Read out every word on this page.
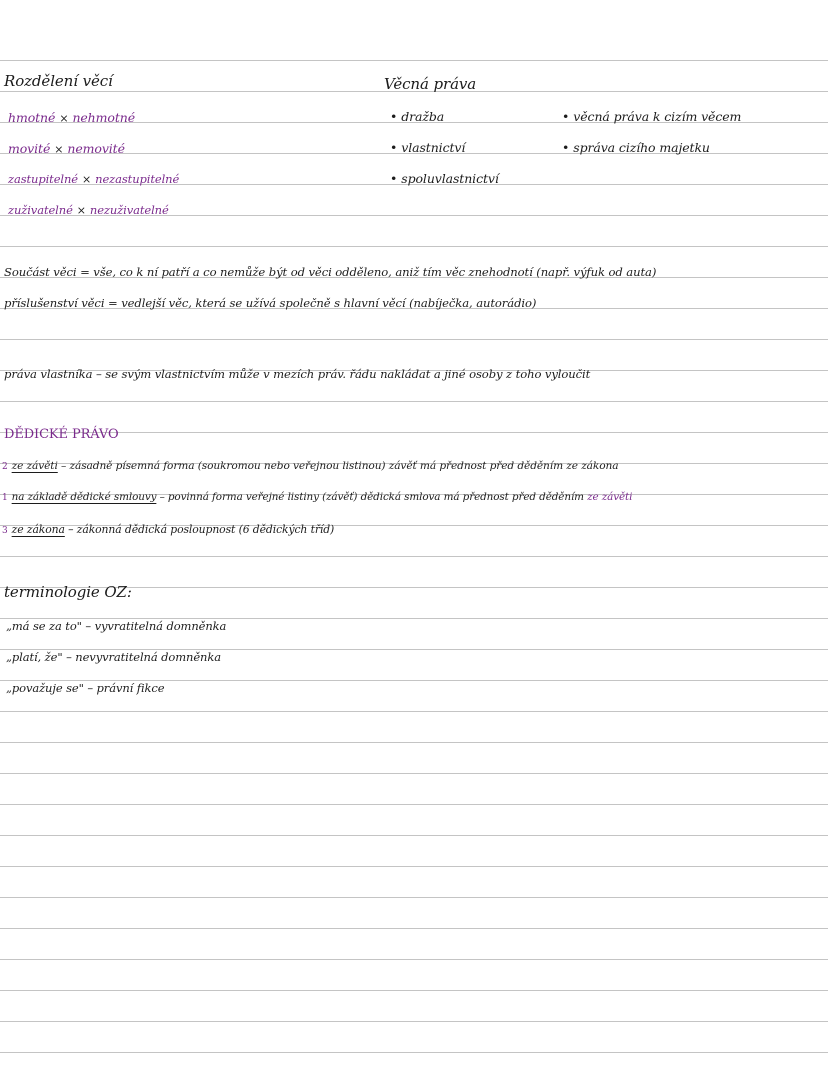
Rozdělení věcí
hmotné × nehmotné
movité × nemovité
zastupitelné × nezastupitelné
zuživatelné × nezuživatelné
Věcná práva
• dražba
• vlastnictví
• spoluvlastnictví
• věcná práva k cizím věcem
• správa cizího majetku
Součást věci = vše, co k ní patří a co nemůže být od věci odděleno, aniž tím věc znehodnotí (např. výfuk od auta)
příslušenství věci = vedlejší věc, která se užívá společně s hlavní věcí (nabíječka, autorádio)
práva vlastníka – se svým vlastnictvím může v mezích práv. řádu nakládat a jiné osoby z toho vyloučit
DĚDICKÉ PRÁVO
2 ze závěti – zásadně písemná forma (soukromou nebo veřejnou listinou) závěť má přednost před děděním ze zákona
1 na základě dědické smlouvy – povinná forma veřejné listiny (závěť) dědická smlova má přednost před děděním ze závěti
3 ze zákona – zákonná dědická posloupnost (6 dědických tříd)
terminologie OZ:
„má se za to" – vyvratitelná domněnka
„platí, že" – nevyvratitelná domněnka
„považuje se" – právní fikce
